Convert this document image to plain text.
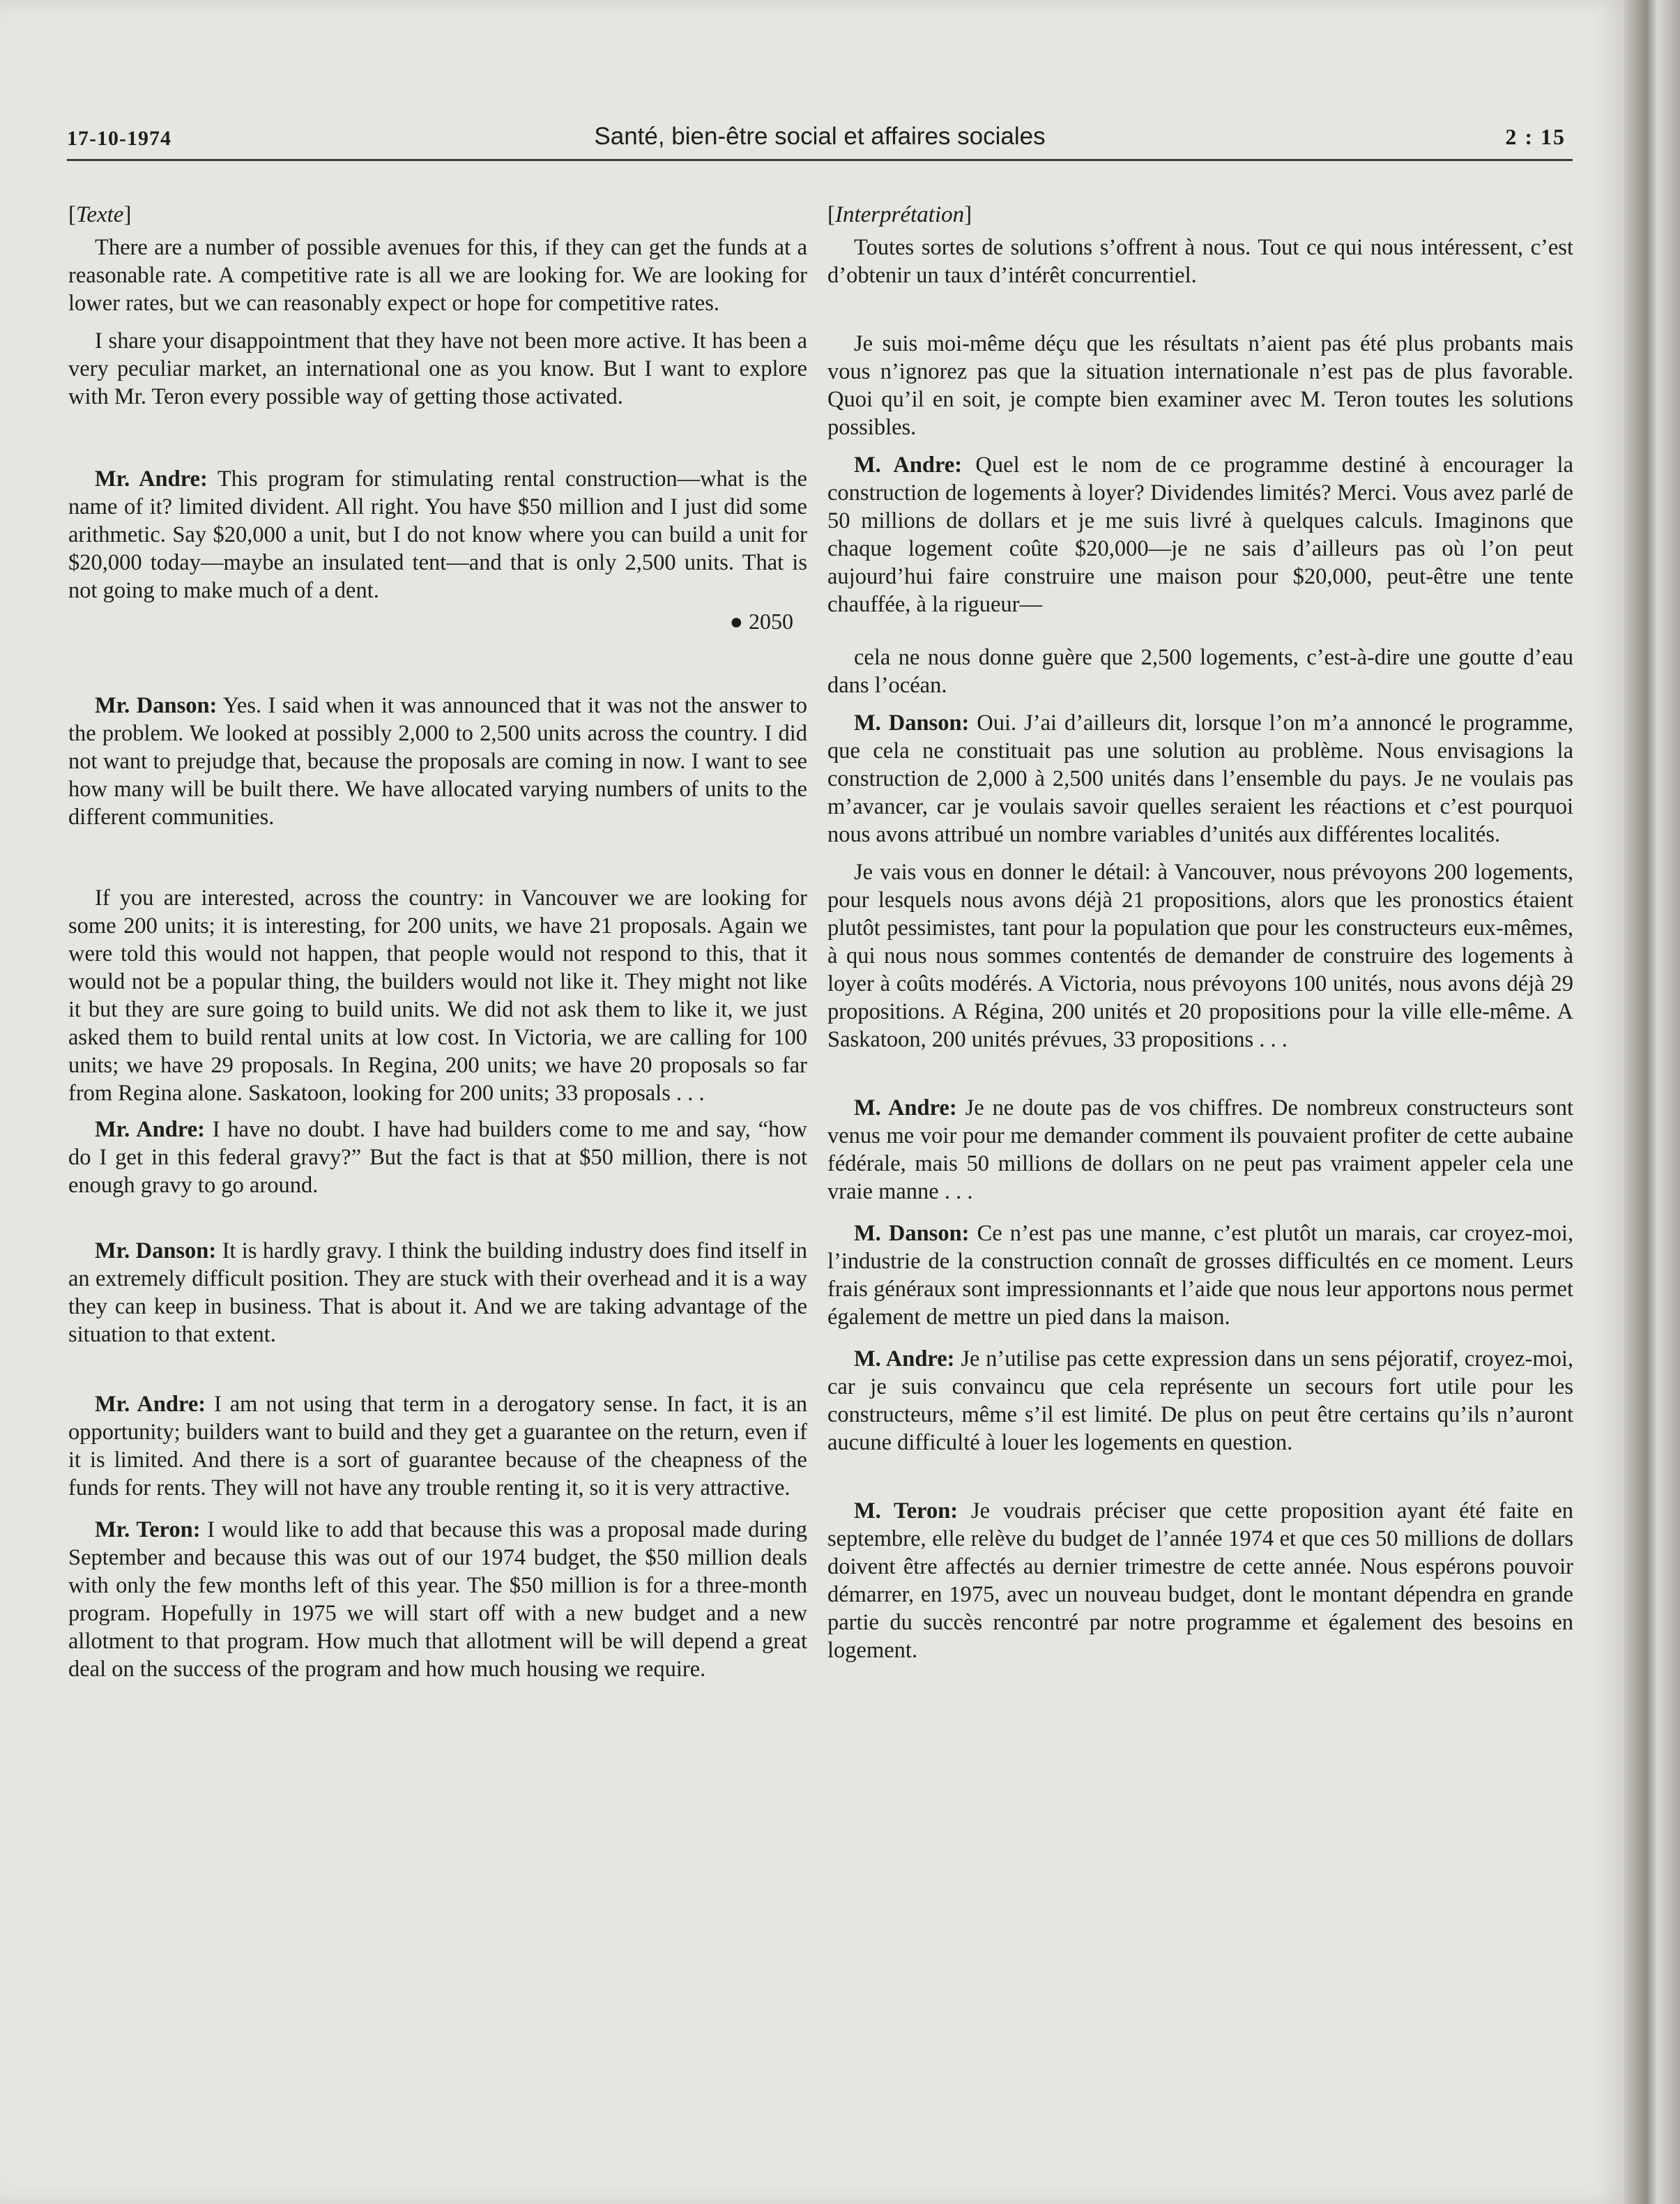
17-10-1974	Santé, bien-être social et affaires sociales	2 : 15
[Texte]

There are a number of possible avenues for this, if they can get the funds at a reasonable rate. A competitive rate is all we are looking for. We are looking for lower rates, but we can reasonably expect or hope for competitive rates.

I share your disappointment that they have not been more active. It has been a very peculiar market, an international one as you know. But I want to explore with Mr. Teron every possible way of getting those activated.

Mr. Andre: This program for stimulating rental construction—what is the name of it? limited divident. All right. You have $50 million and I just did some arithmetic. Say $20,000 a unit, but I do not know where you can build a unit for $20,000 today—maybe an insulated tent—and that is only 2,500 units. That is not going to make much of a dent.

● 2050

Mr. Danson: Yes. I said when it was announced that it was not the answer to the problem. We looked at possibly 2,000 to 2,500 units across the country. I did not want to prejudge that, because the proposals are coming in now. I want to see how many will be built there. We have allocated varying numbers of units to the different communities.

If you are interested, across the country: in Vancouver we are looking for some 200 units; it is interesting, for 200 units, we have 21 proposals. Again we were told this would not happen, that people would not respond to this, that it would not be a popular thing, the builders would not like it. They might not like it but they are sure going to build units. We did not ask them to like it, we just asked them to build rental units at low cost. In Victoria, we are calling for 100 units; we have 29 proposals. In Regina, 200 units; we have 20 proposals so far from Regina alone. Saskatoon, looking for 200 units; 33 proposals . . .

Mr. Andre: I have no doubt. I have had builders come to me and say, “how do I get in this federal gravy?” But the fact is that at $50 million, there is not enough gravy to go around.

Mr. Danson: It is hardly gravy. I think the building industry does find itself in an extremely difficult position. They are stuck with their overhead and it is a way they can keep in business. That is about it. And we are taking advantage of the situation to that extent.

Mr. Andre: I am not using that term in a derogatory sense. In fact, it is an opportunity; builders want to build and they get a guarantee on the return, even if it is limited. And there is a sort of guarantee because of the cheapness of the funds for rents. They will not have any trouble renting it, so it is very attractive.

Mr. Teron: I would like to add that because this was a proposal made during September and because this was out of our 1974 budget, the $50 million deals with only the few months left of this year. The $50 million is for a three-month program. Hopefully in 1975 we will start off with a new budget and a new allotment to that program. How much that allotment will be will depend a great deal on the success of the program and how much housing we require.

[Interprétation]

Toutes sortes de solutions s’offrent à nous. Tout ce qui nous intéressent, c’est d’obtenir un taux d’intérêt concurrentiel.

Je suis moi-même déçu que les résultats n’aient pas été plus probants mais vous n’ignorez pas que la situation internationale n’est pas de plus favorable. Quoi qu’il en soit, je compte bien examiner avec M. Teron toutes les solutions possibles.

M. Andre: Quel est le nom de ce programme destiné à encourager la construction de logements à loyer? Dividendes limités? Merci. Vous avez parlé de 50 millions de dollars et je me suis livré à quelques calculs. Imaginons que chaque logement coûte $20,000—je ne sais d’ailleurs pas où l’on peut aujourd’hui faire construire une maison pour $20,000, peut-être une tente chauffée, à la rigueur—

cela ne nous donne guère que 2,500 logements, c’est-à-dire une goutte d’eau dans l’océan.

M. Danson: Oui. J’ai d’ailleurs dit, lorsque l’on m’a annoncé le programme, que cela ne constituait pas une solution au problème. Nous envisagions la construction de 2,000 à 2,500 unités dans l’ensemble du pays. Je ne voulais pas m’avancer, car je voulais savoir quelles seraient les réactions et c’est pourquoi nous avons attribué un nombre variables d’unités aux différentes localités.

Je vais vous en donner le détail: à Vancouver, nous prévoyons 200 logements, pour lesquels nous avons déjà 21 propositions, alors que les pronostics étaient plutôt pessimistes, tant pour la population que pour les constructeurs eux-mêmes, à qui nous nous sommes contentés de demander de construire des logements à loyer à coûts modérés. A Victoria, nous prévoyons 100 unités, nous avons déjà 29 propositions. A Régina, 200 unités et 20 propositions pour la ville elle-même. A Saskatoon, 200 unités prévues, 33 propositions . . .

M. Andre: Je ne doute pas de vos chiffres. De nombreux constructeurs sont venus me voir pour me demander comment ils pouvaient profiter de cette aubaine fédérale, mais 50 millions de dollars on ne peut pas vraiment appeler cela une vraie manne . . .

M. Danson: Ce n’est pas une manne, c’est plutôt un marais, car croyez-moi, l’industrie de la construction connaît de grosses difficultés en ce moment. Leurs frais généraux sont impressionnants et l’aide que nous leur apportons nous permet également de mettre un pied dans la maison.

M. Andre: Je n’utilise pas cette expression dans un sens péjoratif, croyez-moi, car je suis convaincu que cela représente un secours fort utile pour les constructeurs, même s’il est limité. De plus on peut être certains qu’ils n’auront aucune difficulté à louer les logements en question.

M. Teron: Je voudrais préciser que cette proposition ayant été faite en septembre, elle relève du budget de l’année 1974 et que ces 50 millions de dollars doivent être affectés au dernier trimestre de cette année. Nous espérons pouvoir démarrer, en 1975, avec un nouveau budget, dont le montant dépendra en grande partie du succès rencontré par notre programme et également des besoins en logement.
